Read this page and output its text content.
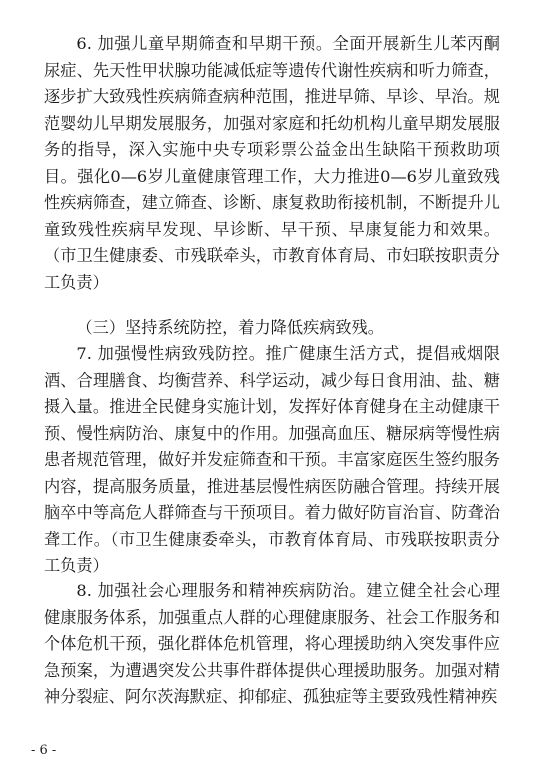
6. 加强儿童早期筛查和早期干预。全面开展新生儿苯丙酮尿症、先天性甲状腺功能减低症等遗传代谢性疾病和听力筛查，逐步扩大致残性疾病筛查病种范围，推进早筛、早诊、早治。规范婴幼儿早期发展服务，加强对家庭和托幼机构儿童早期发展服务的指导，深入实施中央专项彩票公益金出生缺陷干预救助项目。强化0—6岁儿童健康管理工作，大力推进0—6岁儿童致残性疾病筛查，建立筛查、诊断、康复救助衔接机制，不断提升儿童致残性疾病早发现、早诊断、早干预、早康复能力和效果。（市卫生健康委、市残联牵头，市教育体育局、市妇联按职责分工负责）

（三）坚持系统防控，着力降低疾病致残。

7. 加强慢性病致残防控。推广健康生活方式，提倡戒烟限酒、合理膳食、均衡营养、科学运动，减少每日食用油、盐、糖摄入量。推进全民健身实施计划，发挥好体育健身在主动健康干预、慢性病防治、康复中的作用。加强高血压、糖尿病等慢性病患者规范管理，做好并发症筛查和干预。丰富家庭医生签约服务内容，提高服务质量，推进基层慢性病医防融合管理。持续开展脑卒中等高危人群筛查与干预项目。着力做好防盲治盲、防聋治聋工作。（市卫生健康委牵头，市教育体育局、市残联按职责分工负责）

8. 加强社会心理服务和精神疾病防治。建立健全社会心理健康服务体系，加强重点人群的心理健康服务、社会工作服务和个体危机干预，强化群体危机管理，将心理援助纳入突发事件应急预案，为遭遇突发公共事件群体提供心理援助服务。加强对精神分裂症、阿尔茨海默症、抑郁症、孤独症等主要致残性精神疾

- 6 -
